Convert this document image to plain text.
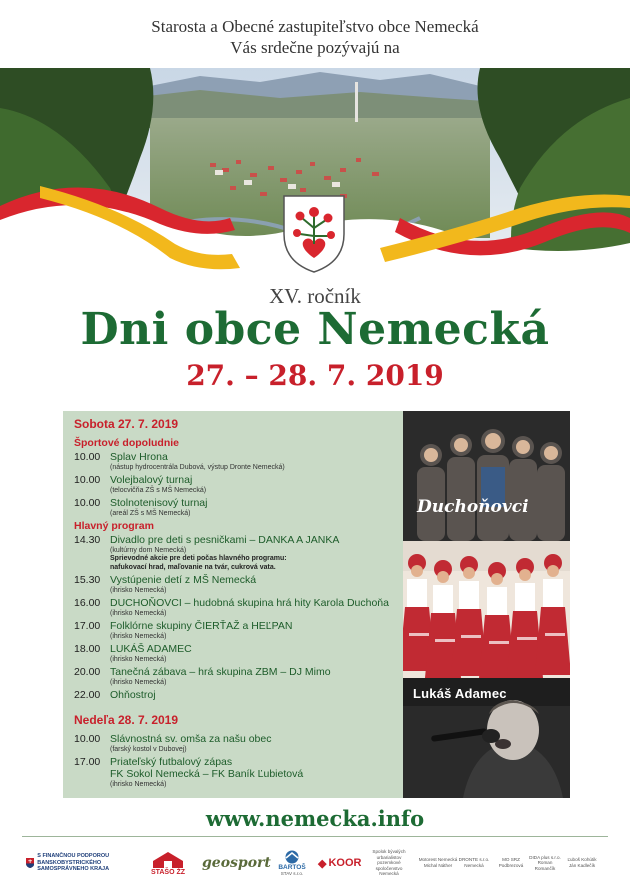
Starosta a Obecné zastupiteľstvo obce Nemecká
Vás srdečne pozývajú na
XV. ročník
Dni obce Nemecká
27. – 28. 7. 2019
Sobota 27. 7. 2019
Športové dopoludnie
10.00 Splav Hrona
(nástup hydrocentrála Dubová, výstup Dronte Nemecká)
10.00 Volejbalový turnaj
(telocvičňa ZŠ s MŠ Nemecká)
10.00 Stolnotenisový turnaj
(areál ZŠ s MŠ Nemecká)
Hlavný program
14.30 Divadlo pre deti s pesničkami – DANKA A JANKA
(kultúrny dom Nemecká)
Sprievodné akcie pre deti počas hlavného programu:
nafukovací hrad, maľovanie na tvár, cukrová vata.
15.30 Vystúpenie detí z MŠ Nemecká
(ihrisko Nemecká)
16.00 DUCHOŇOVCI – hudobná skupina hrá hity Karola Duchoňa
(ihrisko Nemecká)
17.00 Folklórne skupiny ČIERŤAŽ a HEĽPAN
(ihrisko Nemecká)
18.00 LUKÁŠ ADAMEC
(ihrisko Nemecká)
20.00 Tanečná zábava – hrá skupina ZBM – DJ Mimo
(ihrisko Nemecká)
22.00 Ohňostroj
Nedeľa 28. 7. 2019
10.00 Slávnostná sv. omša za našu obec
(farský kostol v Dubovej)
17.00 Priateľský futbalový zápas
FK Sokol Nemecká – FK Baník Ľubietová
(ihrisko Nemecká)
Duchoňovci
Lukáš Adamec
www.nemecka.info
S FINANČNOU PODPOROU BANSKOBYSTRICKÉHO SAMOSPRÁVNEHO KRAJA	STAŠO ŽZ
geosport BARTOŠ
STAV s.r.o.
◆ KOOR
Spolok bývalých urbarialistov pozemkové spoločenstvo Nemecká
Motorest Nemecká Michal Náther
DRONTE s.r.o. Nemecká
MO SRZ Podbrezová
DIDA plus s.r.o. Roman Romančík
Ľuboš Kohútik Ján Kadlečík
